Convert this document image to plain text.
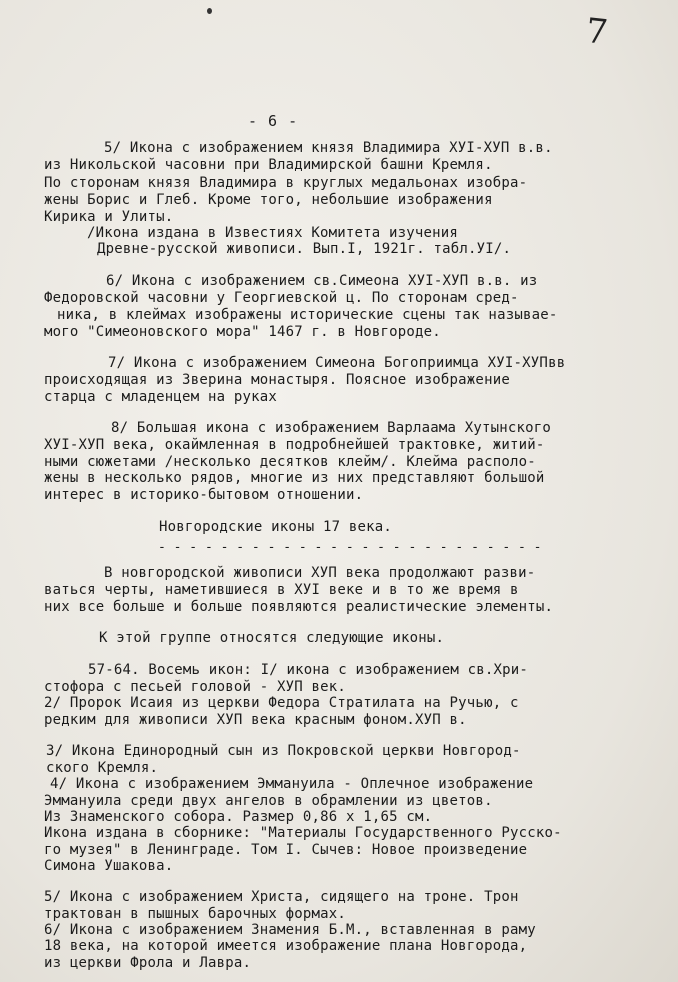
7
- 6 -
5/ Икона с изображением князя Владимира ХУI-ХУП в.в.
из Никольской часовни при Владимирской башни Кремля.
По сторонам князя Владимира в круглых медальонах изобра-
жены Борис и Глеб. Кроме того, небольшие изображения
Кирика и Улиты.
/Икона издана в Известиях Комитета изучения
Древне-русской живописи. Вып.I, 1921г. табл.УI/.
6/ Икона с изображением св.Симеона ХУI-ХУП в.в. из
Федоровской часовни у Георгиевской ц. По сторонам сред-
ника, в клеймах изображены исторические сцены так называе-
мого "Симеоновского мора" 1467 г. в Новгороде.
7/ Икона с изображением Симеона Богоприимца ХУI-ХУПвв
происходящая из Зверина монастыря. Поясное изображение
старца с младенцем на руках
8/ Большая икона с изображением Варлаама Хутынского
ХУI-ХУП века, окаймленная в подробнейшей трактовке, житий-
ными сюжетами /несколько десятков клейм/. Клейма располо-
жены в несколько рядов, многие из них представляют большой
интерес в историко-бытовом отношении.
Новгородские иконы 17 века.
В новгородской живописи ХУП века продолжают разви-
ваться черты, наметившиеся в ХУI веке и в то же время в
них все больше и больше появляются реалистические элементы.
К этой группе относятся следующие иконы.
57-64. Восемь икон: I/ икона с изображением св.Хри-
стофора с песьей головой - ХУП век.
2/ Пророк Исаия из церкви Федора Стратилата на Ручью, с
редким для живописи ХУП века красным фоном.ХУП в.
3/ Икона Единородный сын из Покровской церкви Новгород-
ского Кремля.
4/ Икона с изображением Эммануила - Оплечное изображение
Эммануила среди двух ангелов в обрамлении из цветов.
Из Знаменского собора. Размер 0,86 х 1,65 см.
Икона издана в сборнике: "Материалы Государственного Русско-
го музея" в Ленинграде. Том I. Сычев: Новое произведение
Симона Ушакова.
5/ Икона с изображением Христа, сидящего на троне. Трон
трактован в пышных барочных формах.
6/ Икона с изображением Знамения Б.М., вставленная в раму
18 века, на которой имеется изображение плана Новгорода,
из церкви Фрола и Лавра.
- - - - - - - - - - - - - - - - - - - - - - - - -
